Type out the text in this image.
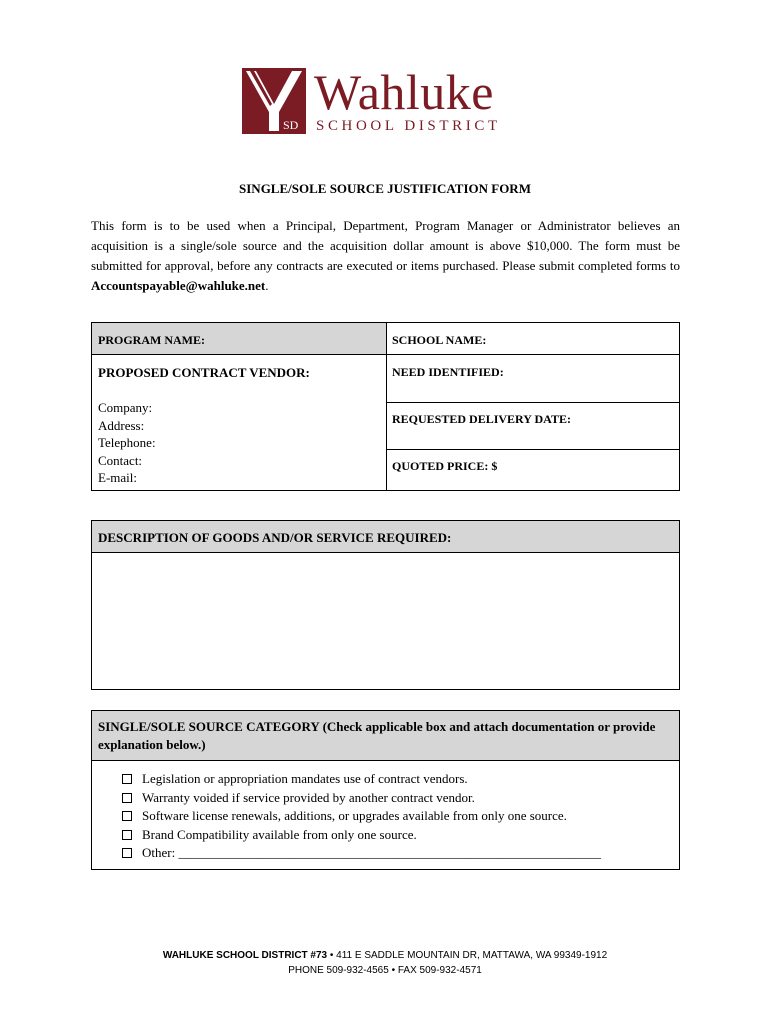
SD
Wahluke
SCHOOL DISTRICT
SINGLE/SOLE SOURCE JUSTIFICATION FORM
This form is to be used when a Principal, Department, Program Manager or Administrator believes an acquisition is a single/sole source and the acquisition dollar amount is above $10,000. The form must be submitted for approval, before any contracts are executed or items purchased. Please submit completed forms to Accountspayable@wahluke.net.
PROGRAM NAME:	SCHOOL NAME:
PROPOSED CONTRACT VENDOR:
Company:
Address:
Telephone:
Contact:
E-mail:
NEED IDENTIFIED:
REQUESTED DELIVERY DATE:
QUOTED PRICE: $
DESCRIPTION OF GOODS AND/OR SERVICE REQUIRED:
SINGLE/SOLE SOURCE CATEGORY (Check applicable box and attach documentation or provide explanation below.)
Legislation or appropriation mandates use of contract vendors.
Warranty voided if service provided by another contract vendor.
Software license renewals, additions, or upgrades available from only one source.
Brand Compatibility available from only one source.
Other: _________________________________________________________________
WAHLUKE SCHOOL DISTRICT #73 • 411 E SADDLE MOUNTAIN DR, MATTAWA, WA 99349-1912
PHONE 509-932-4565 • FAX 509-932-4571
